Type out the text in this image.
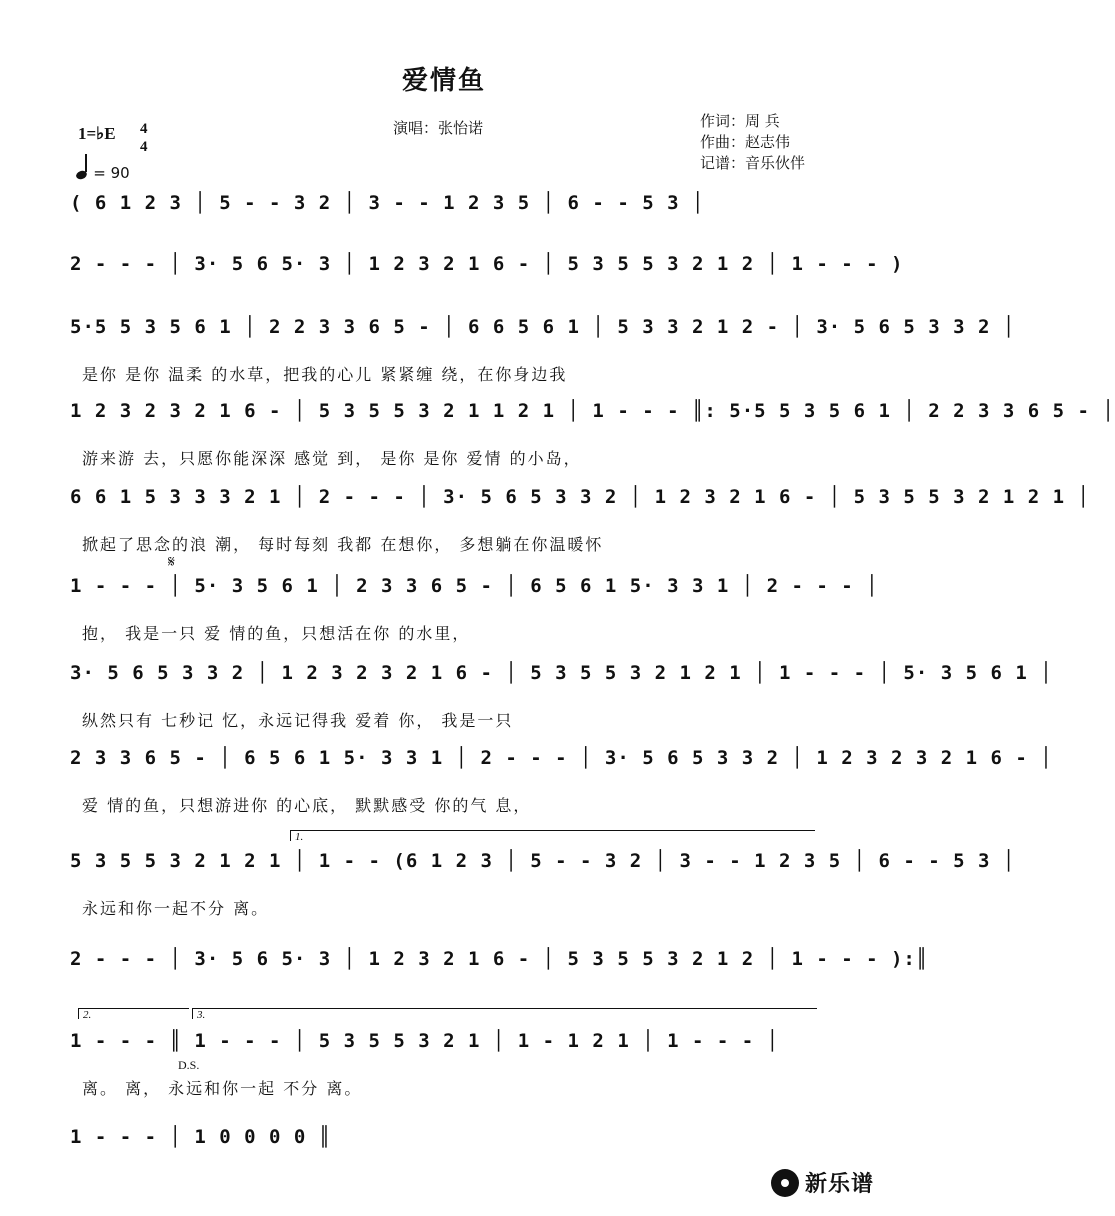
爱情鱼
演唱：张怡诺	作词：周 兵
作曲：赵志伟
记谱：音乐伙伴
1=♭E 4
4
= 90
( 6 1 2 3 │ 5 - - 3 2 │ 3 - - 1 2 3 5 │ 6 - - 5 3 │
2 - - - │ 3· 5 6 5· 3 │ 1 2 3 2 1 6 - │ 5 3 5 5 3 2 1 2 │ 1 - - - )
5·5 5 3 5 6 1 │ 2 2 3 3 6 5 - │ 6 6 5 6 1 │ 5 3 3 2 1 2 - │ 3· 5 6 5 3 3 2 │
是你 是你 温柔 的水草，把我的心儿 紧紧缠 绕，在你身边我
1 2 3 2 3 2 1 6 - │ 5 3 5 5 3 2 1 1 2 1 │ 1 - - - ║: 5·5 5 3 5 6 1 │ 2 2 3 3 6 5 - │
游来游 去，只愿你能深深 感觉 到， 是你 是你 爱情 的小岛，
6 6 1 5 3 3 3 2 1 │ 2 - - - │ 3· 5 6 5 3 3 2 │ 1 2 3 2 1 6 - │ 5 3 5 5 3 2 1 2 1 │
掀起了思念的浪 潮， 每时每刻 我都 在想你， 多想躺在你温暖怀
𝄋
1 - - - │ 5· 3 5 6 1 │ 2 3 3 6 5 - │ 6 5 6 1 5· 3 3 1 │ 2 - - - │
抱， 我是一只 爱 情的鱼，只想活在你 的水里，
3· 5 6 5 3 3 2 │ 1 2 3 2 3 2 1 6 - │ 5 3 5 5 3 2 1 2 1 │ 1 - - - │ 5· 3 5 6 1 │
纵然只有 七秒记 忆，永远记得我 爱着 你， 我是一只
2 3 3 6 5 - │ 6 5 6 1 5· 3 3 1 │ 2 - - - │ 3· 5 6 5 3 3 2 │ 1 2 3 2 3 2 1 6 - │
爱 情的鱼，只想游进你 的心底， 默默感受 你的气 息，
1.
5 3 5 5 3 2 1 2 1 │ 1 - - (6 1 2 3 │ 5 - - 3 2 │ 3 - - 1 2 3 5 │ 6 - - 5 3 │
永远和你一起不分 离。
2 - - - │ 3· 5 6 5· 3 │ 1 2 3 2 1 6 - │ 5 3 5 5 3 2 1 2 │ 1 - - - ):║
2.	3.
1 - - - ║ 1 - - - │ 5 3 5 5 3 2 1 │ 1 - 1 2 1 │ 1 - - - │
离。 离， 永远和你一起 不分 离。
D.S.
1 - - - │ 1 0 0 0 0 ║
新乐谱
